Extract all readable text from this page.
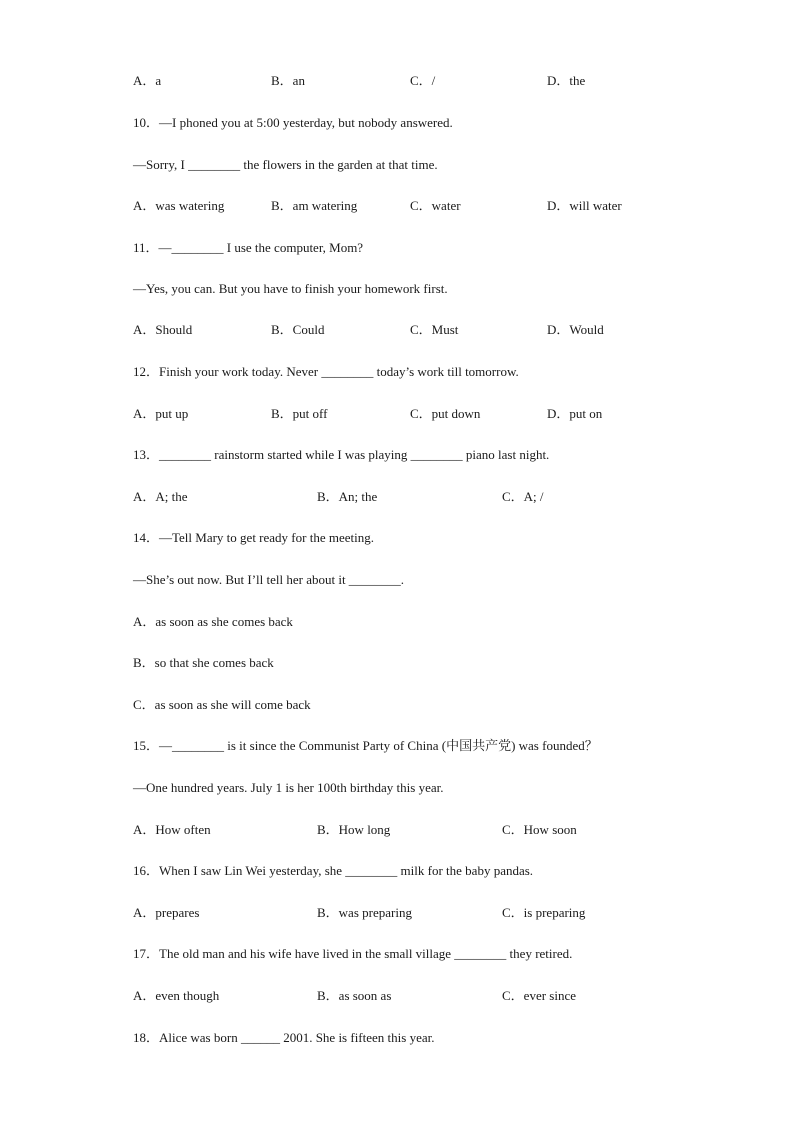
A．a	B．an	C．/	D．the
10．—I phoned you at 5:00 yesterday, but nobody answered.
—Sorry, I ________ the flowers in the garden at that time.
A．was watering	B．am watering	C．water	D．will water
11．—________ I use the computer, Mom?
—Yes, you can. But you have to finish your homework first.
A．Should	B．Could	C．Must	D．Would
12．Finish your work today. Never ________ today’s work till tomorrow.
A．put up	B．put off	C．put down	D．put on
13．________ rainstorm started while I was playing ________ piano last night.
A．A; the	B．An; the	C．A; /
14．—Tell Mary to get ready for the meeting.
—She’s out now. But I’ll tell her about it ________.
A．as soon as she comes back
B．so that she comes back
C．as soon as she will come back
15．—________ is it since the Communist Party of China (中国共产党) was founded？
—One hundred years. July 1 is her 100th birthday this year.
A．How often	B．How long	C．How soon
16．When I saw Lin Wei yesterday, she ________ milk for the baby pandas.
A．prepares	B．was preparing	C．is preparing
17．The old man and his wife have lived in the small village ________ they retired.
A．even though	B．as soon as	C．ever since
18．Alice was born ______ 2001. She is fifteen this year.
